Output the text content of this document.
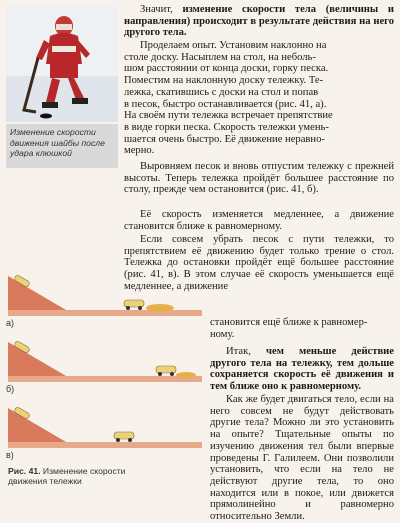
Изменение скорости движения шайбы после удара клюшкой

Значит, изменение скорости тела (величины и направления) происходит в результате действия на него другого тела.

Проделаем опыт. Установим наклонно на
столе доску. Насыплем на стол, на неболь-
шом расстоянии от конца доски, горку песка.
Поместим на наклонную доску тележку. Те-
лежка, скатившись с доски на стол и попав
в песок, быстро останавливается (рис. 41, а).
На своём пути тележка встречает препятствие
в виде горки песка. Скорость тележки умень-
шается очень быстро. Её движение неравно-
мерно.

Выровняем песок и вновь отпустим тележку с прежней высоты. Теперь тележка пройдёт большее расстояние по столу, прежде чем остановится (рис. 41, б).

Её скорость изменяется медленнее, а движение становится ближе к равномерному.

Если совсем убрать песок с пути тележки, то препятствием её движению будет только трение о стол. Тележка до остановки пройдёт ещё большее расстояние (рис. 41, в). В этом случае её скорость уменьшается ещё медленнее, а движение

становится ещё ближе к равномер-
ному.

Итак, чем меньше действие другого тела на тележку, тем дольше сохраняется скорость её движения и тем ближе оно к равномерному.

Как же будет двигаться тело, если на него совсем не будут действовать другие тела? Можно ли это установить на опыте? Тщательные опыты по изучению движения тел были впервые проведены Г. Галилеем. Они позволили установить, что если на тело не действуют другие тела, то оно находится или в покое, или движется прямолинейно и равномерно относительно Земли.

а)
б)
в)
Рис. 41. Изменение скорости движения тележки
